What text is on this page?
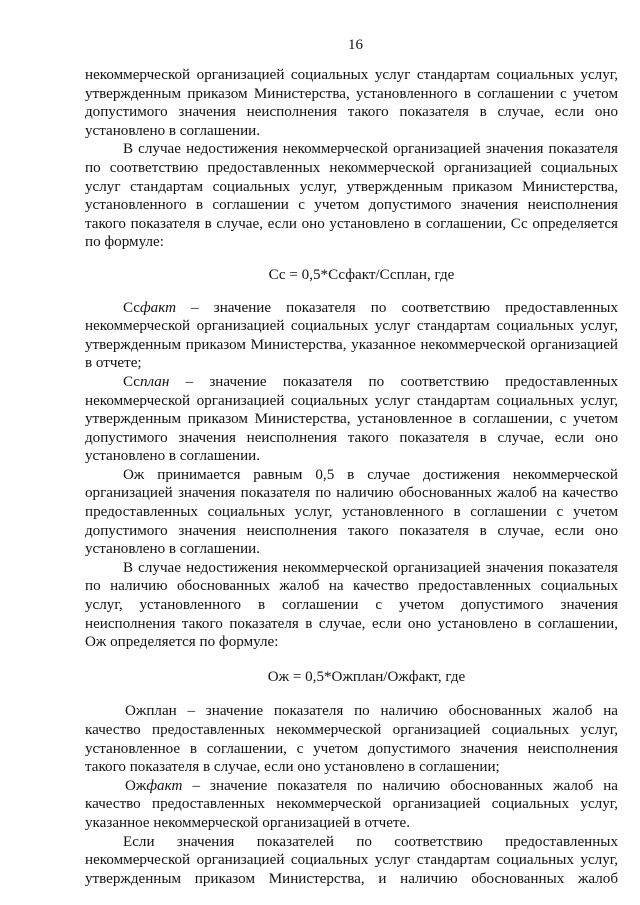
16

некоммерческой организацией социальных услуг стандартам социальных услуг, утвержденным приказом Министерства, установленного в соглашении с учетом допустимого значения неисполнения такого показателя в случае, если оно установлено в соглашении.

В случае недостижения некоммерческой организацией значения показателя по соответствию предоставленных некоммерческой организацией социальных услуг стандартам социальных услуг, утвержденным приказом Министерства, установленного в соглашении с учетом допустимого значения неисполнения такого показателя в случае, если оно установлено в соглашении, Сс определяется по формуле:

Сс = 0,5*Ссфакт/Ссплан, где

Ссфакт – значение показателя по соответствию предоставленных некоммерческой организацией социальных услуг стандартам социальных услуг, утвержденным приказом Министерства, указанное некоммерческой организацией в отчете;

Ссплан – значение показателя по соответствию предоставленных некоммерческой организацией социальных услуг стандартам социальных услуг, утвержденным приказом Министерства, установленное в соглашении, с учетом допустимого значения неисполнения такого показателя в случае, если оно установлено в соглашении.

Ож принимается равным 0,5 в случае достижения некоммерческой организацией значения показателя по наличию обоснованных жалоб на качество предоставленных социальных услуг, установленного в соглашении с учетом допустимого значения неисполнения такого показателя в случае, если оно установлено в соглашении.

В случае недостижения некоммерческой организацией значения показателя по наличию обоснованных жалоб на качество предоставленных социальных услуг, установленного в соглашении с учетом допустимого значения неисполнения такого показателя в случае, если оно установлено в соглашении, Ож определяется по формуле:

Ож = 0,5*Ожплан/Ожфакт, где

Ожплан – значение показателя по наличию обоснованных жалоб на качество предоставленных некоммерческой организацией социальных услуг, установленное в соглашении, с учетом допустимого значения неисполнения такого показателя в случае, если оно установлено в соглашении;

Ожфакт – значение показателя по наличию обоснованных жалоб на качество предоставленных некоммерческой организацией социальных услуг, указанное некоммерческой организацией в отчете.

Если значения показателей по соответствию предоставленных некоммерческой организацией социальных услуг стандартам социальных услуг, утвержденным приказом Министерства, и наличию обоснованных жалоб
